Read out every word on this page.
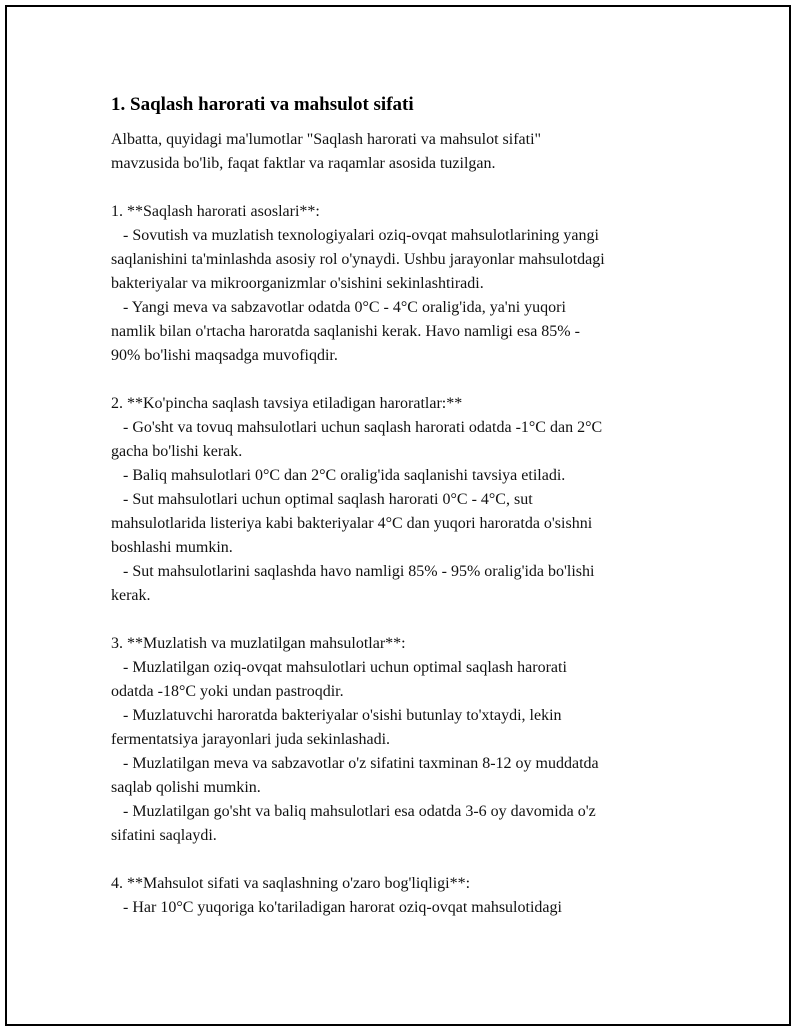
1. Saqlash harorati va mahsulot sifati

Albatta, quyidagi ma'lumotlar "Saqlash harorati va mahsulot sifati"
mavzusida bo'lib, faqat faktlar va raqamlar asosida tuzilgan.

1. **Saqlash harorati asoslari**:
- Sovutish va muzlatish texnologiyalari oziq-ovqat mahsulotlarining yangi
saqlanishini ta'minlashda asosiy rol o'ynaydi. Ushbu jarayonlar mahsulotdagi
bakteriyalar va mikroorganizmlar o'sishini sekinlashtiradi.
- Yangi meva va sabzavotlar odatda 0°C - 4°C oralig'ida, ya'ni yuqori
namlik bilan o'rtacha haroratda saqlanishi kerak. Havo namligi esa 85% -
90% bo'lishi maqsadga muvofiqdir.

2. **Ko'pincha saqlash tavsiya etiladigan haroratlar:**
- Go'sht va tovuq mahsulotlari uchun saqlash harorati odatda -1°C dan 2°C
gacha bo'lishi kerak.
- Baliq mahsulotlari 0°C dan 2°C oralig'ida saqlanishi tavsiya etiladi.
- Sut mahsulotlari uchun optimal saqlash harorati 0°C - 4°C, sut
mahsulotlarida listeriya kabi bakteriyalar 4°C dan yuqori haroratda o'sishni
boshlashi mumkin.
- Sut mahsulotlarini saqlashda havo namligi 85% - 95% oralig'ida bo'lishi
kerak.

3. **Muzlatish va muzlatilgan mahsulotlar**:
- Muzlatilgan oziq-ovqat mahsulotlari uchun optimal saqlash harorati
odatda -18°C yoki undan pastroqdir.
- Muzlatuvchi haroratda bakteriyalar o'sishi butunlay to'xtaydi, lekin
fermentatsiya jarayonlari juda sekinlashadi.
- Muzlatilgan meva va sabzavotlar o'z sifatini taxminan 8-12 oy muddatda
saqlab qolishi mumkin.
- Muzlatilgan go'sht va baliq mahsulotlari esa odatda 3-6 oy davomida o'z
sifatini saqlaydi.

4. **Mahsulot sifati va saqlashning o'zaro bog'liqligi**:
- Har 10°C yuqoriga ko'tariladigan harorat oziq-ovqat mahsulotidagi
